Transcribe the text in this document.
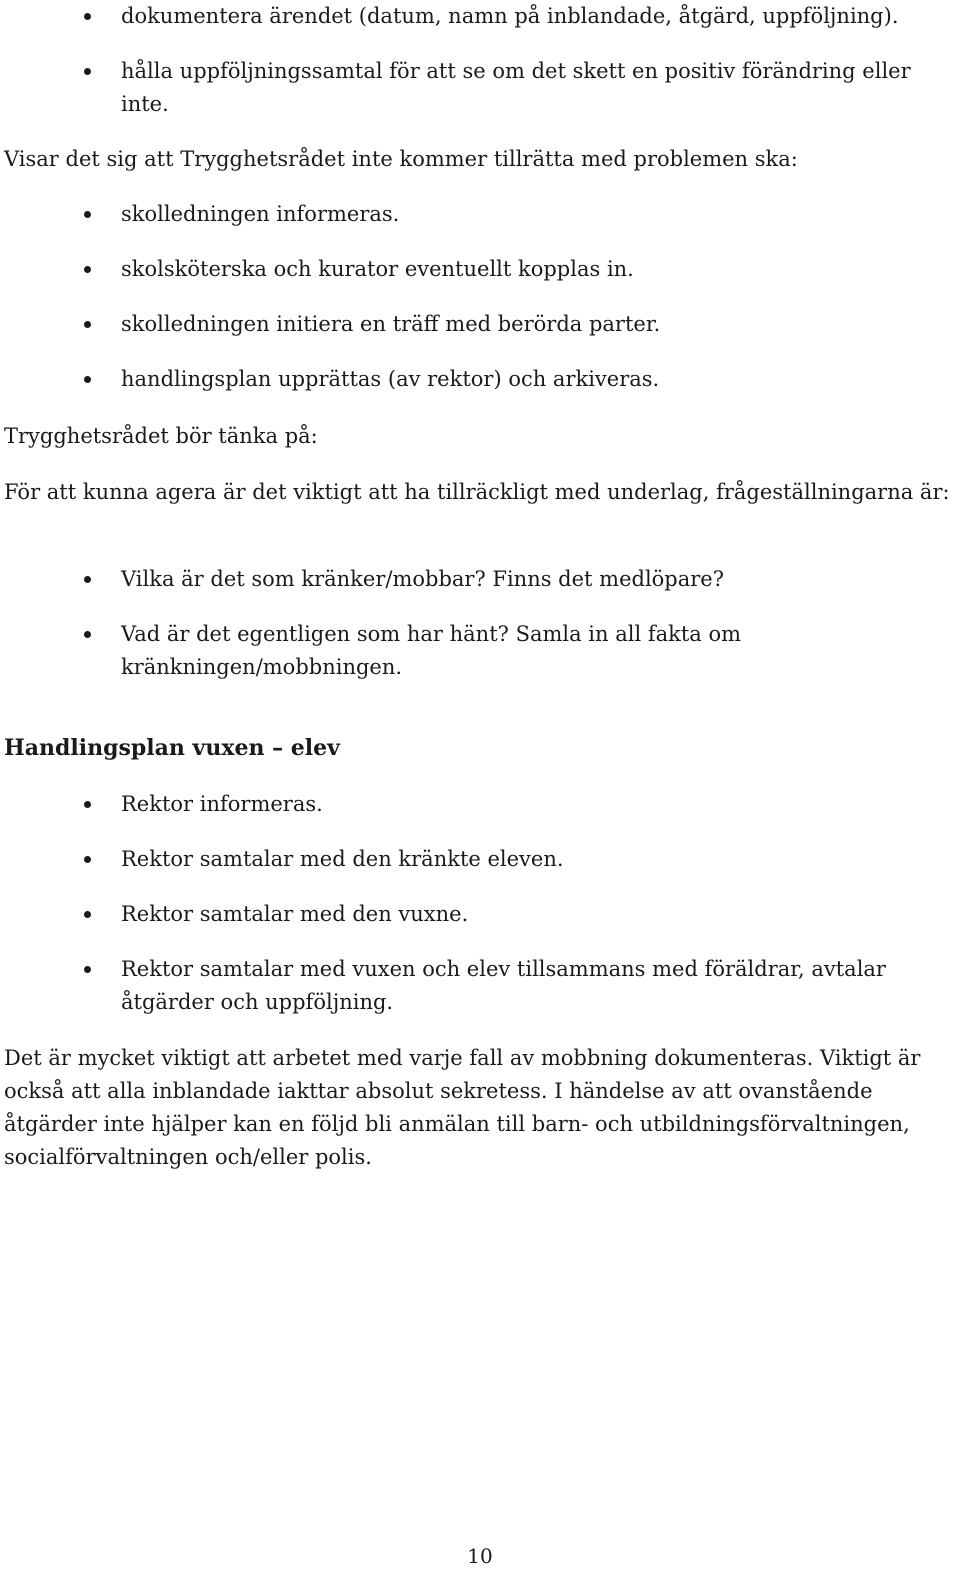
dokumentera ärendet (datum, namn på inblandade, åtgärd, uppföljning).
hålla uppföljningssamtal för att se om det skett en positiv förändring eller inte.

Visar det sig att Trygghetsrådet inte kommer tillrätta med problemen ska:

skolledningen informeras.
skolsköterska och kurator eventuellt kopplas in.
skolledningen initiera en träff med berörda parter.
handlingsplan upprättas (av rektor) och arkiveras.

Trygghetsrådet bör tänka på:

För att kunna agera är det viktigt att ha tillräckligt med underlag, frågeställningarna är:

Vilka är det som kränker/mobbar? Finns det medlöpare?
Vad är det egentligen som har hänt? Samla in all fakta om kränkningen/mobbningen.
Handlingsplan vuxen – elev
Rektor informeras.
Rektor samtalar med den kränkte eleven.
Rektor samtalar med den vuxne.
Rektor samtalar med vuxen och elev tillsammans med föräldrar, avtalar åtgärder och uppföljning.

Det är mycket viktigt att arbetet med varje fall av mobbning dokumenteras. Viktigt är också att alla inblandade iakttar absolut sekretess. I händelse av att ovanstående åtgärder inte hjälper kan en följd bli anmälan till barn- och utbildningsförvaltningen, socialförvaltningen och/eller polis.

10
